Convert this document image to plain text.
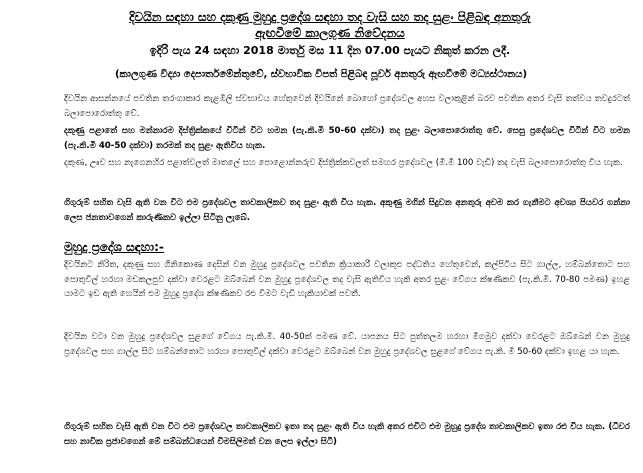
දිවයින සඳහා සහ දකුණු මුහුදු ප්‍රදේශ සඳහා තද වැසි සහ තද සුළං පිළිබඳ අනතුරු
ඇඟවීමේ කාලගුණ නිවේදනය
ඉදිරි පැය 24 සඳහා 2018 මාර්තු මස 11 දින 07.00 පැයට නිකුත් කරන ලදී.
(කාලගුණ විද්‍යා දෙපාර්තමේන්තුවේ, ස්වභාවික විපත් පිළිබඳ පූර්ව අනතුරු ඇඟවීමේ මධ්‍යස්ථානය)
දිවයින ආසන්නයේ පවතින තරංගාකාර කැළඹිලි ස්වභාවය හේතුවෙන් දිවයිනේ බොහෝ ප්‍රදේශවල අහස වලාකුළින් බරව පවතින අතර වැසි තත්වය තවදුරටත් බලාපොරොත්තු වේ.
දකුණු පළාතේ සහ මන්නාරම දිස්ත්‍රික්කයේ විටින් විට හමන (පැ.කි.මී 50-60 දක්වා) තද සුළං බලාපොරොත්තු වේ. සෙසු ප්‍රදේශවල විටින් විට හමන (පැ.කි.මී 40-50 දක්වා) තරමක් තද සුළං ඇතිවිය හැක.
දකුණ, ඌව සහ නැගෙනහිර පළාත්වලත් මාතලේ සහ පොළොන්නරුව දිස්ත්‍රික්කවලත් සමහර ප්‍රදේශවල (මි.මී 100 වැඩි) තද වැසි බලාපොරොත්තු විය හැක.
ගිගුරුම් සහිත වැසි ඇති වන විට එම ප්‍රදේශවල තාවකාලිකව තද සුළං ඇති විය හැක. අකුණු මගින් සිදුවන අනතුරු අවම කර ගැනීමට අවශ්‍ය පියවර ගන්නා ලෙස ජනතාවගෙන් කාරුණිකව ඉල්ලා සිටිනු ලැබේ.
මුහුදු ප්‍රදේශ සඳහා:-
දිවයිනට නිරිත, දකුණු සහ ගිනිකොණ දෙසින් වන මුහුදු ප්‍රදේශවල පවතින ක්‍රියාකාරී වලාකුළු පද්ධතිය හේතුවෙන්, කල්පිටිය සිට ගාල්ල, හම්බන්තොට සහ පොතුවිල් හරහා මඩකලපුව දක්වා වෙරළට ඔබ්බෙන් වන මුහුදු ප්‍රදේශවල තද වැසි ඇතිවිය හැකි අතර සුළං වේගය ක්ෂණිකව (පැ.කි.මී. 70-80 පමණ) ඉහළ යාමට ඉඩ ඇති හෙයින් එම මුහුදු ප්‍රදේශ ක්ෂණිකව රළු වීමට වැඩි හැකියාවක් පවතී.
දිවයින වටා වන මුහුදු ප්‍රදේශවල සුළගේ වේගය පැ.කි.මී. 40-50ක් පමණ වේ. යාපනය සිට පුත්තලම හරහා මීගමුව දක්වා වෙරළට ඔබ්බෙන් වන මුහුදු ප්‍රදේශවල සහ ගාල්ල සිට හම්බන්තොට හරහා පොතුවිල් දක්වා වෙරළට ඔබ්බෙන් වන මුහුදු ප්‍රදේශවල සුළගේ වේගය පැ.කි. මී 50-60 දක්වා ඉහළ යා හැක.
ගිගුරුම් සහිත වැසි ඇති වන විට එම ප්‍රදේශවල තාවකාලිකව ඉතා තද සුළං ඇති විය හැකි අතර එවිට එම මුහුදු ප්‍රදේශ තාවකාලිකව ඉතා රළු විය හැක. (ධීවර සහ නාවික ප්‍රජාවගෙන් මේ සම්බන්ධයෙන් විමසිලිමත් වන ලෙස ඉල්ලා සිටී)
